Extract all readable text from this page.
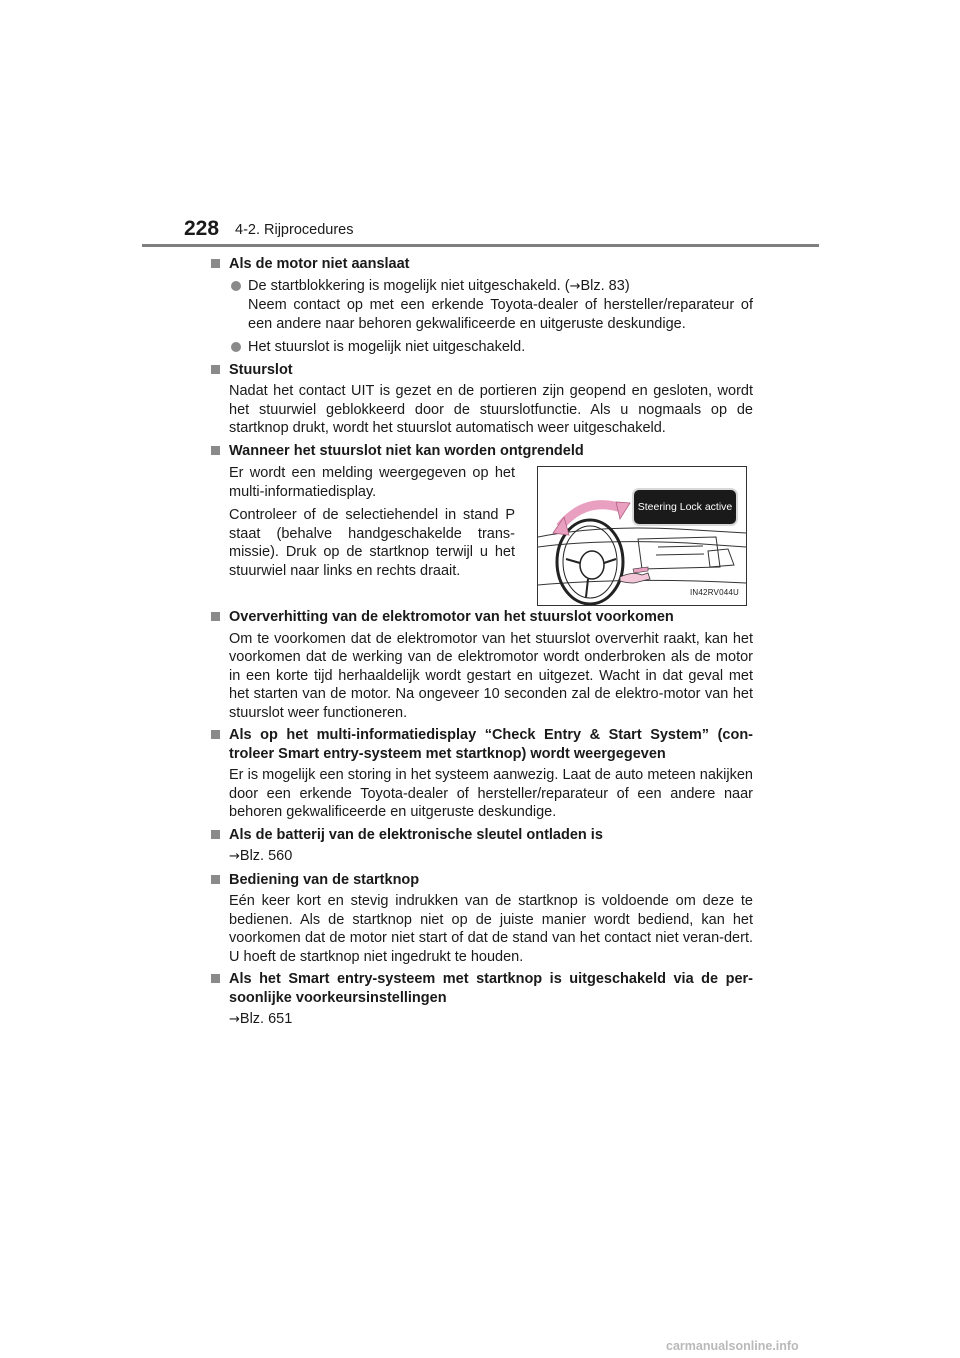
228 4-2. Rijprocedures
Als de motor niet aanslaat
De startblokkering is mogelijk niet uitgeschakeld. (→Blz. 83)
Neem contact op met een erkende Toyota-dealer of hersteller/reparateur of een andere naar behoren gekwalificeerde en uitgeruste deskundige.
Het stuurslot is mogelijk niet uitgeschakeld.
Stuurslot
Nadat het contact UIT is gezet en de portieren zijn geopend en gesloten, wordt het stuurwiel geblokkeerd door de stuurslotfunctie. Als u nogmaals op de startknop drukt, wordt het stuurslot automatisch weer uitgeschakeld.
Wanneer het stuurslot niet kan worden ontgrendeld

Er wordt een melding weergegeven op het multi-informatiedisplay.

Controleer of de selectiehendel in stand P staat (behalve handgeschakelde trans-missie). Druk op de startknop terwijl u het stuurwiel naar links en rechts draait.

Steering Lock active
IN42RV044U
Oververhitting van de elektromotor van het stuurslot voorkomen
Om te voorkomen dat de elektromotor van het stuurslot oververhit raakt, kan het voorkomen dat de werking van de elektromotor wordt onderbroken als de motor in een korte tijd herhaaldelijk wordt gestart en uitgezet. Wacht in dat geval met het starten van de motor. Na ongeveer 10 seconden zal de elektro-motor van het stuurslot weer functioneren.
Als op het multi-informatiedisplay “Check Entry & Start System” (con-troleer Smart entry-systeem met startknop) wordt weergegeven
Er is mogelijk een storing in het systeem aanwezig. Laat de auto meteen nakijken door een erkende Toyota-dealer of hersteller/reparateur of een andere naar behoren gekwalificeerde en uitgeruste deskundige.
Als de batterij van de elektronische sleutel ontladen is
→Blz. 560
Bediening van de startknop
Eén keer kort en stevig indrukken van de startknop is voldoende om deze te bedienen. Als de startknop niet op de juiste manier wordt bediend, kan het voorkomen dat de motor niet start of dat de stand van het contact niet veran-dert. U hoeft de startknop niet ingedrukt te houden.
Als het Smart entry-systeem met startknop is uitgeschakeld via de per-soonlijke voorkeursinstellingen
→Blz. 651
carmanualsonline.info
